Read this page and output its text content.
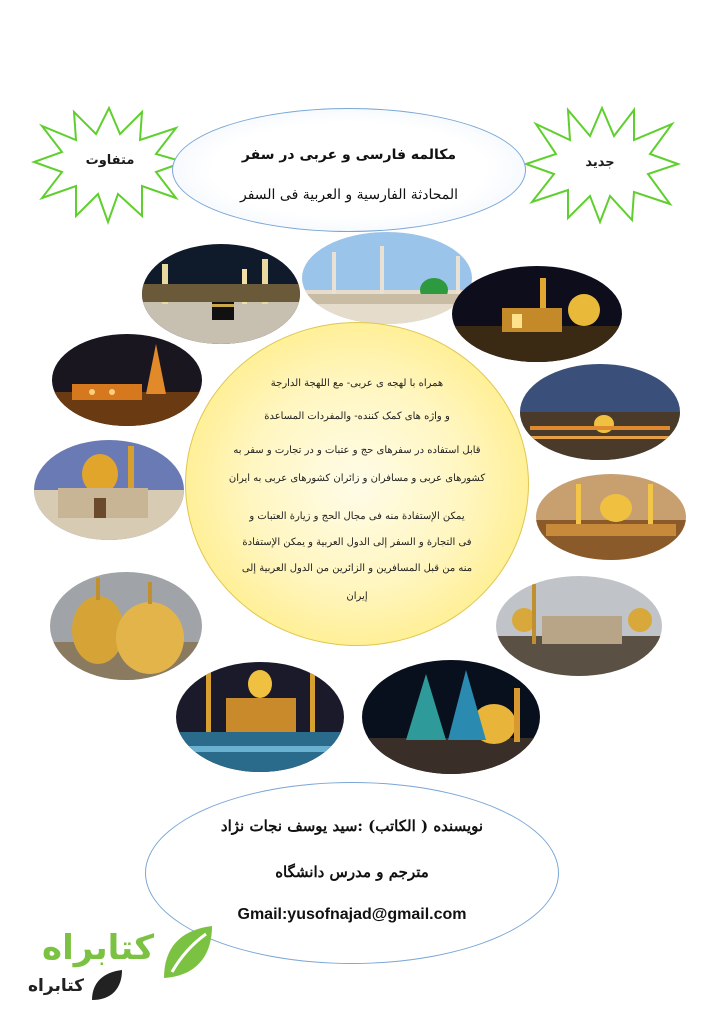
متفاوت	جديد
مکالمه فارسی و عربی در سفر
المحادثة الفارسية و العربية فى السفر
همراه با لهجه ی عربی- مع اللهجة الدارجة
و واژه های کمک کننده- والمفردات المساعدة
قابل استفاده در سفرهای حج و عتبات و در تجارت و سفر به
کشورهای عربی و مسافران و زائران کشورهای عربی به ایران
يمكن الإستفادة منه فی مجال الحج و زيارة العتبات و
فی التجارة و السفر إلی الدول العربية و يمكن الإستفادة
منه من قبل المسافرين و الزائرين من الدول العربية إلی
إيران
نویسنده ( الکاتب) :سید یوسف نجات نژاد
مترجم و مدرس دانشگاه
Gmail:yusofnajad@gmail.com
کتابراه
کتابراه
